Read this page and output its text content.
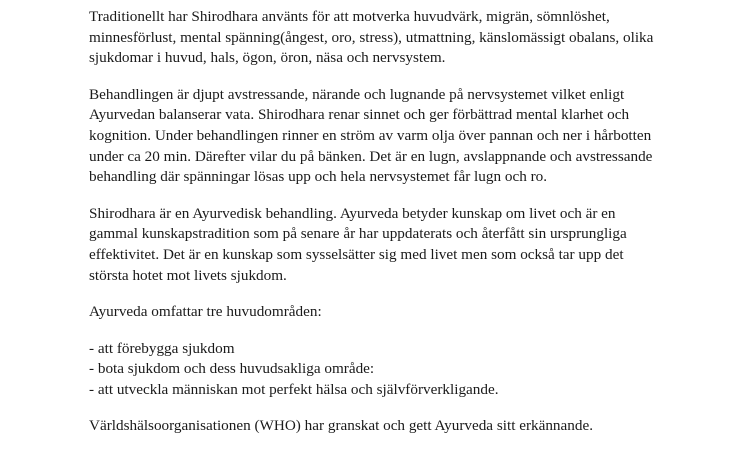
Traditionellt har Shirodhara använts för att motverka huvudvärk, migrän, sömnlöshet,
minnesförlust, mental spänning(ångest, oro, stress), utmattning, känslomässigt obalans, olika
sjukdomar i huvud, hals, ögon, öron, näsa och nervsystem.

Behandlingen är djupt avstressande, närande och lugnande på nervsystemet vilket enligt
Ayurvedan balanserar vata. Shirodhara renar sinnet och ger förbättrad mental klarhet och
kognition. Under behandlingen rinner en ström av varm olja över pannan och ner i hårbotten
under ca 20 min. Därefter vilar du på bänken. Det är en lugn, avslappnande och avstressande
behandling där spänningar lösas upp och hela nervsystemet får lugn och ro.

Shirodhara är en Ayurvedisk behandling. Ayurveda betyder kunskap om livet och är en
gammal kunskapstradition som på senare år har uppdaterats och återfått sin ursprungliga
effektivitet. Det är en kunskap som sysselsätter sig med livet men som också tar upp det
största hotet mot livets sjukdom.

Ayurveda omfattar tre huvudområden:

- att förebygga sjukdom
- bota sjukdom och dess huvudsakliga område:
- att utveckla människan mot perfekt hälsa och självförverkligande.

Världshälsoorganisationen (WHO) har granskat och gett Ayurveda sitt erkännande.
